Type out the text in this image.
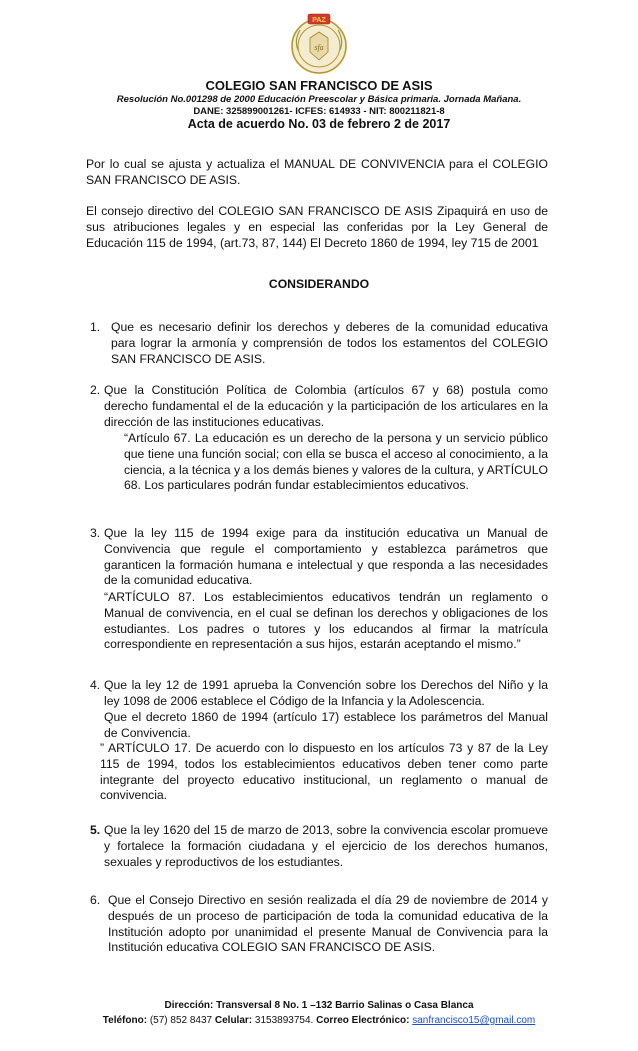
PAZ
sfa
COLEGIO SAN FRANCISCO DE ASIS
Resolución No.001298 de 2000 Educación Preescolar y Básica primaria. Jornada Mañana.
DANE: 325899001261- ICFES: 614933 - NIT: 800211821-8
Acta de acuerdo No. 03 de febrero 2 de 2017
Por lo cual se ajusta y actualiza el MANUAL DE CONVIVENCIA para el COLEGIO SAN FRANCISCO DE ASIS.
El consejo directivo del COLEGIO SAN FRANCISCO DE ASIS Zipaquirá en uso de sus atribuciones legales y en especial las conferidas por la Ley General de Educación 115 de 1994, (art.73, 87, 144) El Decreto 1860 de 1994, ley 715 de 2001
CONSIDERANDO
1. Que es necesario definir los derechos y deberes de la comunidad educativa para lograr la armonía y comprensión de todos los estamentos del COLEGIO SAN FRANCISCO DE ASIS.
2. Que la Constitución Política de Colombia (artículos 67 y 68) postula como derecho fundamental el de la educación y la participación de los articulares en la dirección de las instituciones educativas.
“Artículo 67. La educación es un derecho de la persona y un servicio público que tiene una función social; con ella se busca el acceso al conocimiento, a la ciencia, a la técnica y a los demás bienes y valores de la cultura, y ARTÍCULO 68. Los particulares podrán fundar establecimientos educativos.
3. Que la ley 115 de 1994 exige para da institución educativa un Manual de Convivencia que regule el comportamiento y establezca parámetros que garanticen la formación humana e intelectual y que responda a las necesidades de la comunidad educativa.
“ARTÍCULO 87. Los establecimientos educativos tendrán un reglamento o Manual de convivencia, en el cual se definan los derechos y obligaciones de los estudiantes. Los padres o tutores y los educandos al firmar la matrícula correspondiente en representación a sus hijos, estarán aceptando el mismo.”
4. Que la ley 12 de 1991 aprueba la Convención sobre los Derechos del Niño y la ley 1098 de 2006 establece el Código de la Infancia y la Adolescencia.
Que el decreto 1860 de 1994 (artículo 17) establece los parámetros del Manual de Convivencia.
” ARTÍCULO 17. De acuerdo con lo dispuesto en los artículos 73 y 87 de la Ley 115 de 1994, todos los establecimientos educativos deben tener como parte integrante del proyecto educativo institucional, un reglamento o manual de convivencia.
5. Que la ley 1620 del 15 de marzo de 2013, sobre la convivencia escolar promueve y fortalece la formación ciudadana y el ejercicio de los derechos humanos, sexuales y reproductivos de los estudiantes.
6. Que el Consejo Directivo en sesión realizada el día 29 de noviembre de 2014 y después de un proceso de participación de toda la comunidad educativa de la Institución adopto por unanimidad el presente Manual de Convivencia para la Institución educativa COLEGIO SAN FRANCISCO DE ASIS.
Dirección: Transversal 8 No. 1 –132 Barrio Salinas o Casa Blanca
Teléfono: (57) 852 8437 Celular: 3153893754. Correo Electrónico: sanfrancisco15@gmail.com
